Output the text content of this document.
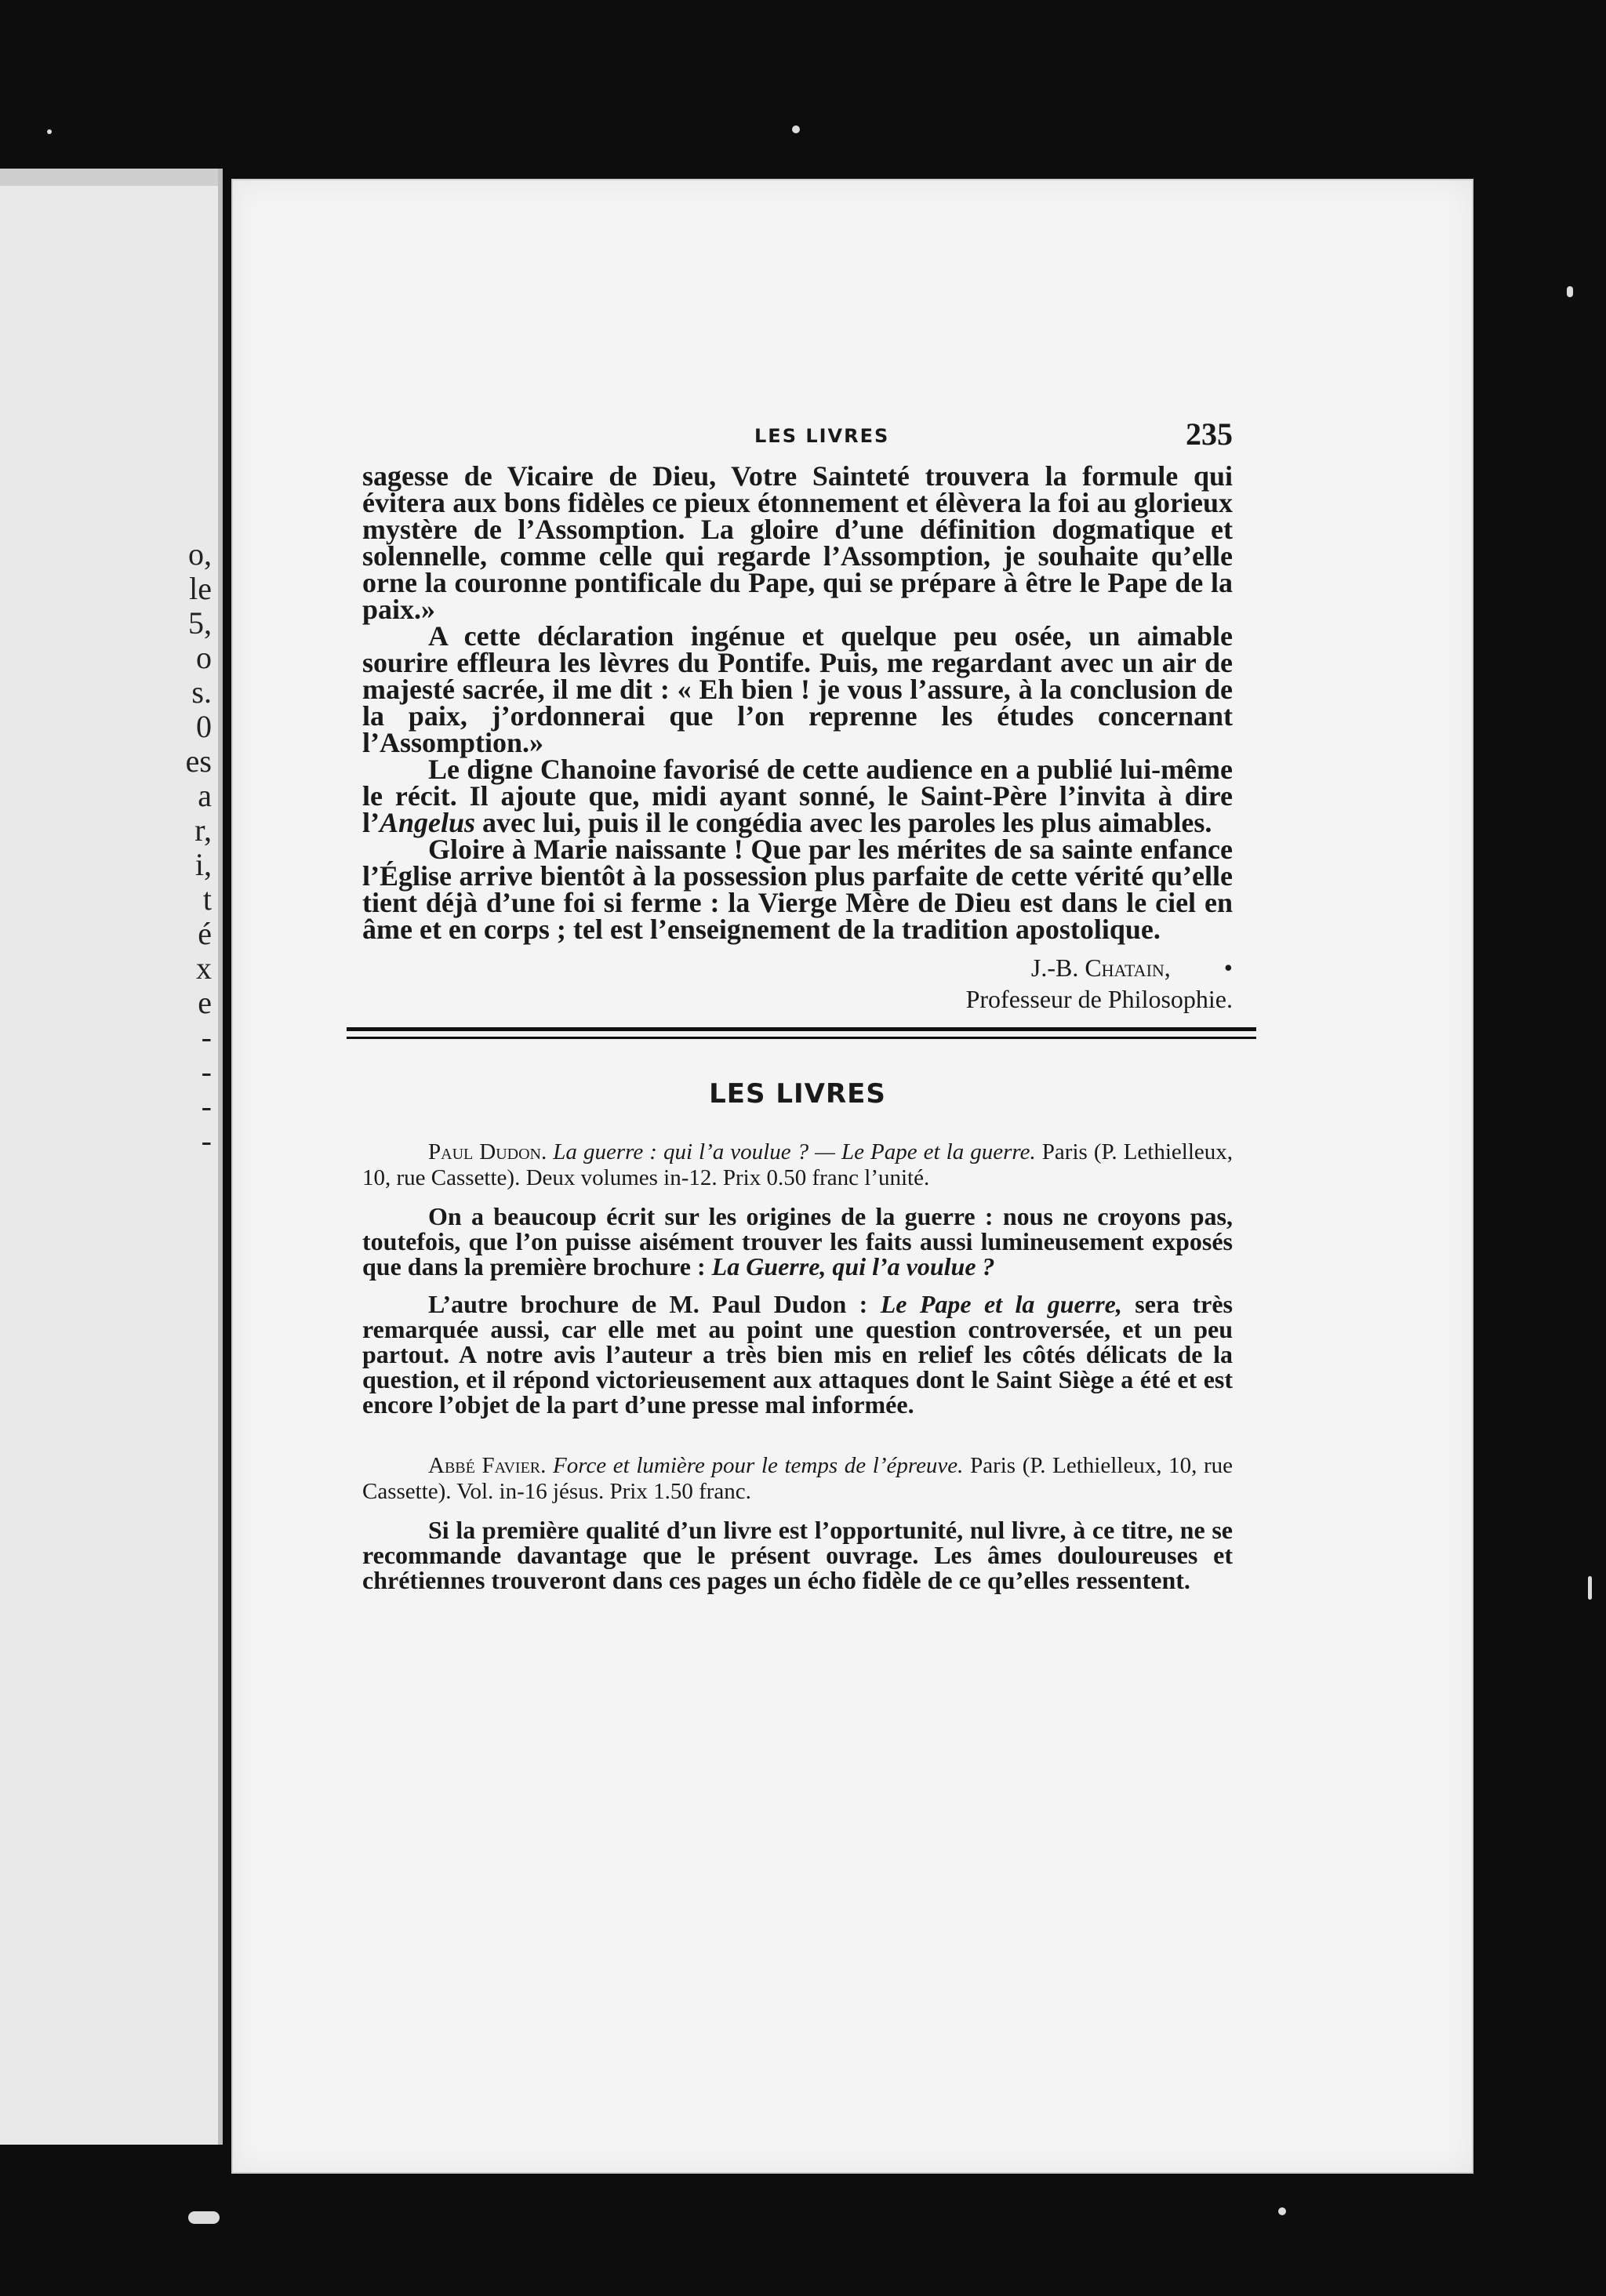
o,
le
5,
o
s.
0
es
a
r,
i,
t
é
x
e
-
-
-
-
LES LIVRES	235

sagesse de Vicaire de Dieu, Votre Sainteté trouvera la formule qui évitera aux bons fidèles ce pieux étonnement et élèvera la foi au glorieux mystère de l’Assomption. La gloire d’une définition dogmatique et solennelle, comme celle qui regarde l’Assomption, je souhaite qu’elle orne la couronne pontificale du Pape, qui se prépare à être le Pape de la paix.»

A cette déclaration ingénue et quelque peu osée, un aimable sourire effleura les lèvres du Pontife. Puis, me regardant avec un air de majesté sacrée, il me dit : « Eh bien ! je vous l’assure, à la conclusion de la paix, j’ordonnerai que l’on reprenne les études concernant l’Assomption.»

Le digne Chanoine favorisé de cette audience en a publié lui-même le récit. Il ajoute que, midi ayant sonné, le Saint-Père l’invita à dire l’Angelus avec lui, puis il le congédia avec les paroles les plus aimables.

Gloire à Marie naissante ! Que par les mérites de sa sainte enfance l’Église arrive bientôt à la possession plus parfaite de cette vérité qu’elle tient déjà d’une foi si ferme : la Vierge Mère de Dieu est dans le ciel en âme et en corps ; tel est l’enseignement de la tradition apostolique.

J.-B. Chatain, •
Professeur de Philosophie.
LES LIVRES

Paul Dudon. La guerre : qui l’a voulue ? — Le Pape et la guerre. Paris (P. Lethielleux, 10, rue Cassette). Deux volumes in-12. Prix 0.50 franc l’unité.

On a beaucoup écrit sur les origines de la guerre : nous ne croyons pas, toutefois, que l’on puisse aisément trouver les faits aussi lumineusement exposés que dans la première brochure : La Guerre, qui l’a voulue ?

L’autre brochure de M. Paul Dudon : Le Pape et la guerre, sera très remarquée aussi, car elle met au point une question controversée, et un peu partout. A notre avis l’auteur a très bien mis en relief les côtés délicats de la question, et il répond victorieusement aux attaques dont le Saint Siège a été et est encore l’objet de la part d’une presse mal informée.

Abbé Favier. Force et lumière pour le temps de l’épreuve. Paris (P. Lethielleux, 10, rue Cassette). Vol. in-16 jésus. Prix 1.50 franc.

Si la première qualité d’un livre est l’opportunité, nul livre, à ce titre, ne se recommande davantage que le présent ouvrage. Les âmes douloureuses et chrétiennes trouveront dans ces pages un écho fidèle de ce qu’elles ressentent.
